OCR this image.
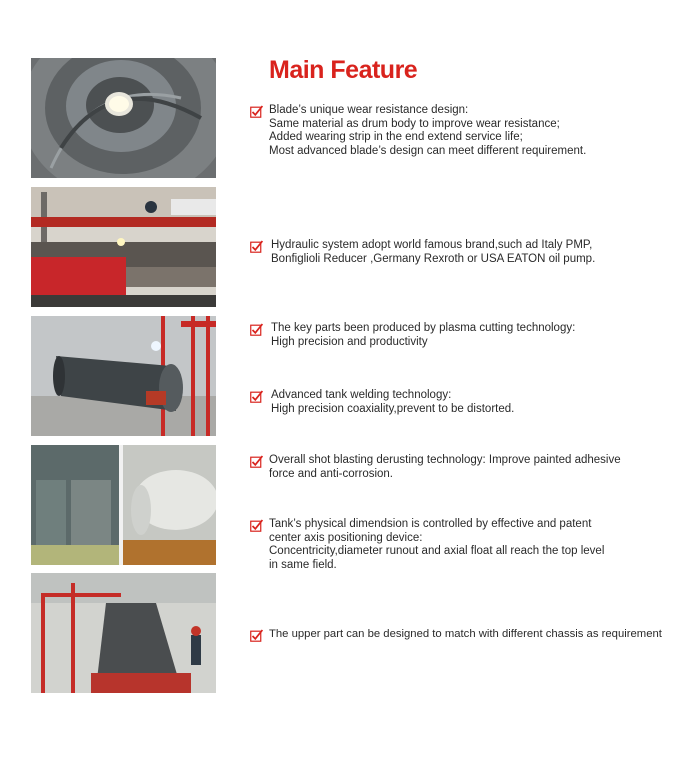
Main Feature
Blade’s unique wear resistance design:
Same material as drum body to improve wear resistance;
Added wearing strip in the end extend service life;
Most advanced blade’s design can meet different requirement.
Hydraulic system adopt world famous brand,such ad Italy PMP,
Bonfiglioli Reducer ,Germany Rexroth or USA EATON oil pump.
The key parts been produced by plasma cutting technology:
High precision and productivity
Advanced tank welding technology:
High precision coaxiality,prevent to be distorted.
Overall shot blasting derusting technology: Improve painted adhesive
force and anti-corrosion.
Tank’s physical dimendsion is controlled by effective and patent
center axis positioning device:
Concentricity,diameter runout and axial float all reach the top level
in same field.
The upper part can be designed to match with different chassis as requirement
